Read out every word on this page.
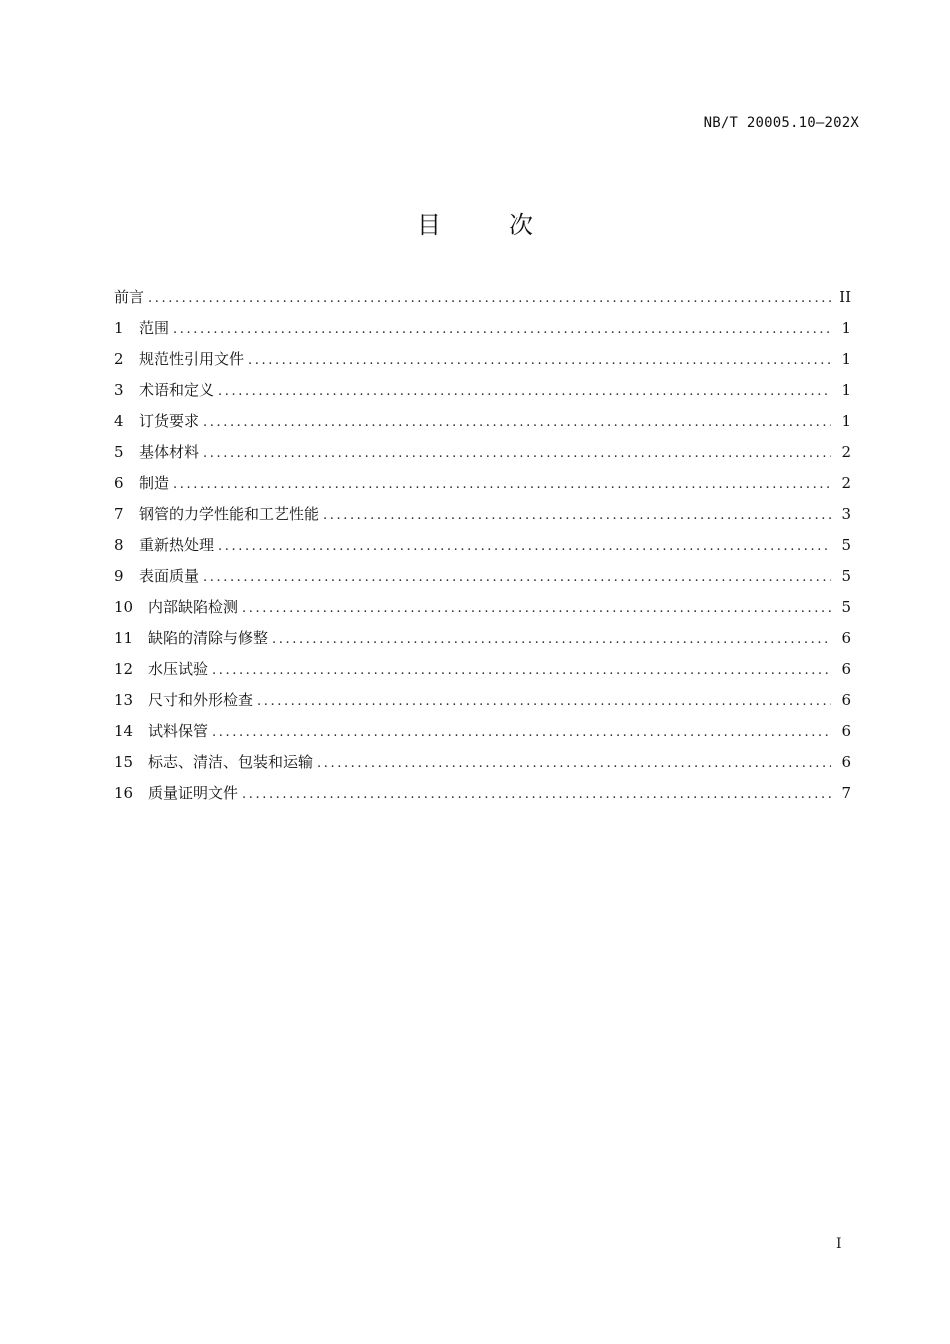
NB/T 20005.10—202X
目　次
前言 .....	II
1	范围 .....	1
2	规范性引用文件 .....	1
3	术语和定义 .....	1
4	订货要求 .....	1
5	基体材料 .....	2
6	制造 .....	2
7	钢管的力学性能和工艺性能 .....	3
8	重新热处理 .....	5
9	表面质量 .....	5
10 内部缺陷检测 .....	5
11 缺陷的清除与修整 .....	6
12 水压试验 .....	6
13 尺寸和外形检查 .....	6
14 试料保管 .....	6
15 标志、清洁、包装和运输 .....	6
16 质量证明文件 .....	7
I
